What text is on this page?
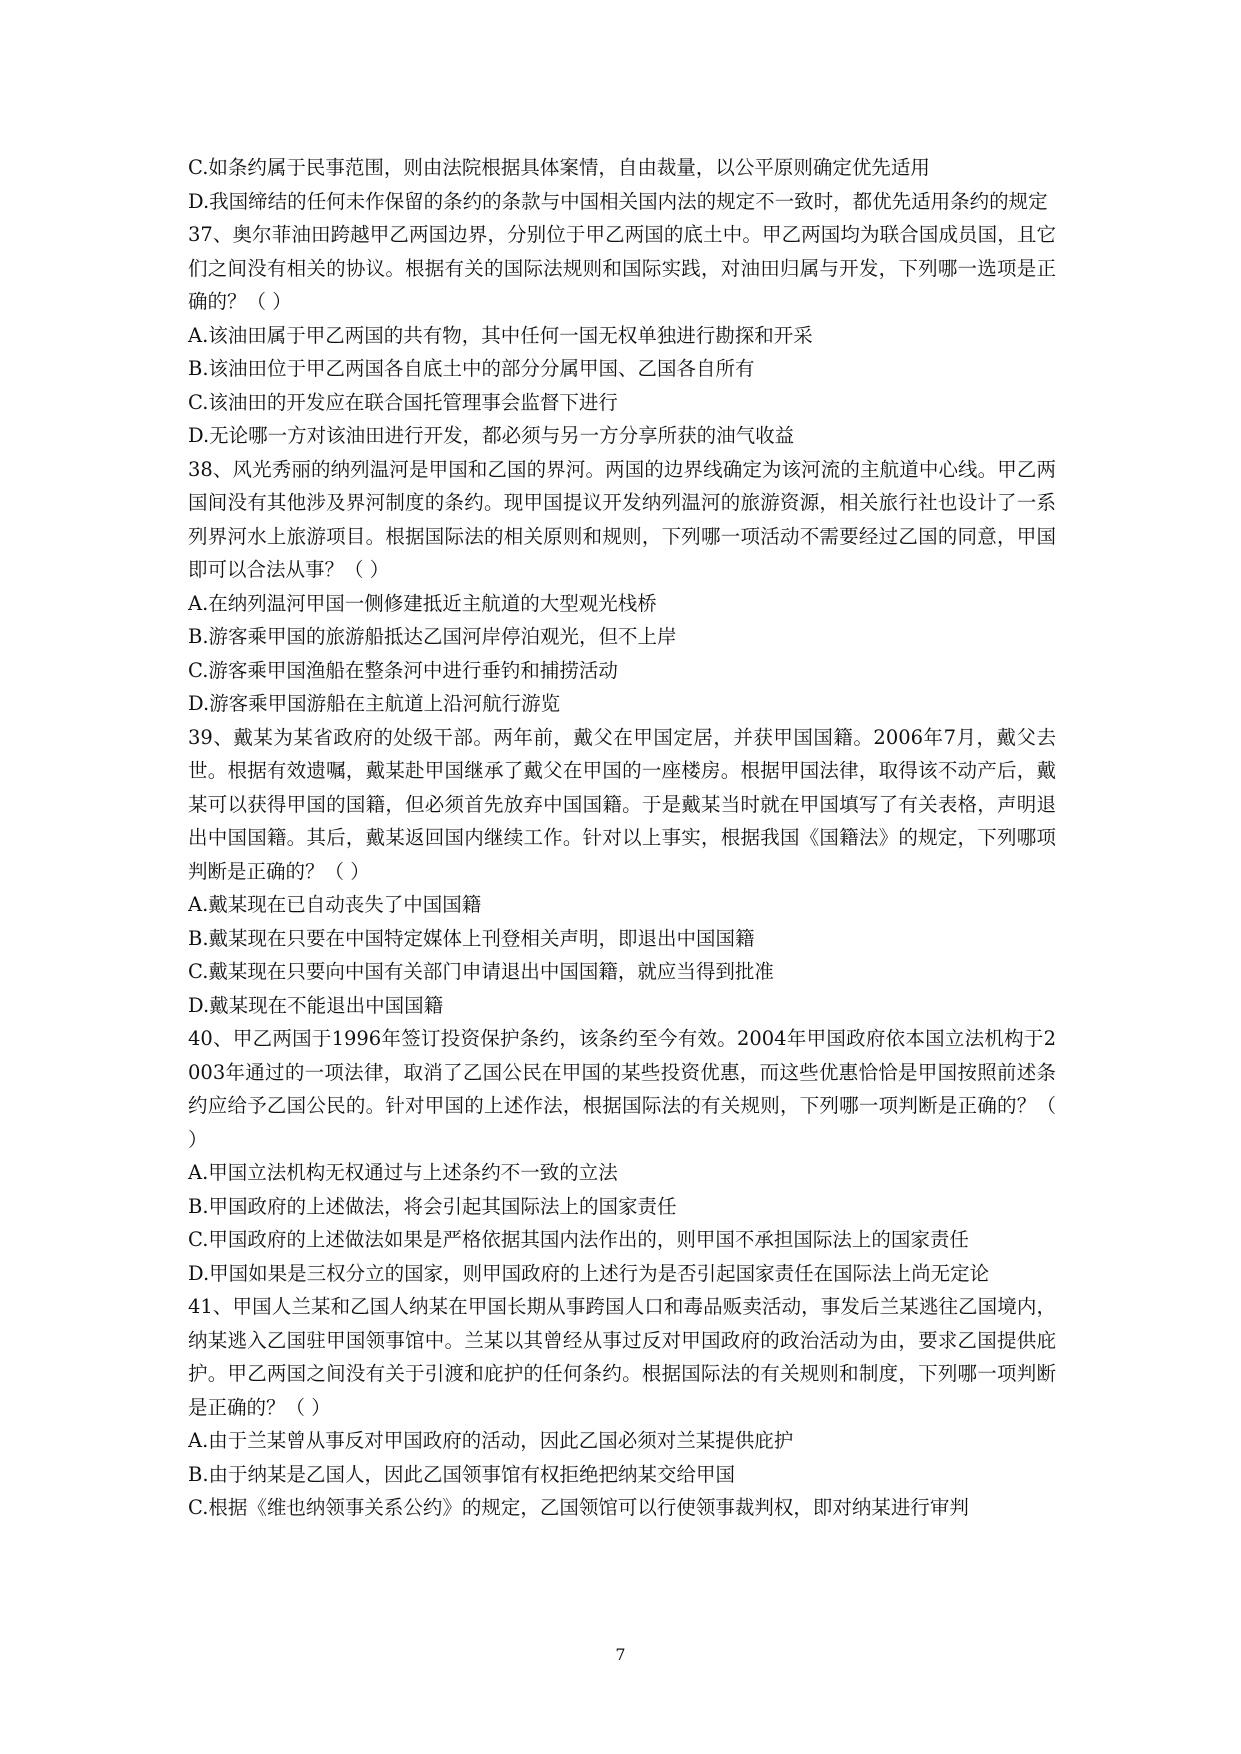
C.如条约属于民事范围，则由法院根据具体案情，自由裁量，以公平原则确定优先适用

D.我国缔结的任何未作保留的条约的条款与中国相关国内法的规定不一致时，都优先适用条约的规定

37、奥尔菲油田跨越甲乙两国边界，分别位于甲乙两国的底土中。甲乙两国均为联合国成员国，且它们之间没有相关的协议。根据有关的国际法规则和国际实践，对油田归属与开发，下列哪一选项是正确的？（ ）

A.该油田属于甲乙两国的共有物，其中任何一国无权单独进行勘探和开采

B.该油田位于甲乙两国各自底土中的部分分属甲国、乙国各自所有

C.该油田的开发应在联合国托管理事会监督下进行

D.无论哪一方对该油田进行开发，都必须与另一方分享所获的油气收益

38、风光秀丽的纳列温河是甲国和乙国的界河。两国的边界线确定为该河流的主航道中心线。甲乙两国间没有其他涉及界河制度的条约。现甲国提议开发纳列温河的旅游资源，相关旅行社也设计了一系列界河水上旅游项目。根据国际法的相关原则和规则，下列哪一项活动不需要经过乙国的同意，甲国即可以合法从事？（ ）

A.在纳列温河甲国一侧修建抵近主航道的大型观光栈桥

B.游客乘甲国的旅游船抵达乙国河岸停泊观光，但不上岸

C.游客乘甲国渔船在整条河中进行垂钓和捕捞活动

D.游客乘甲国游船在主航道上沿河航行游览

39、戴某为某省政府的处级干部。两年前，戴父在甲国定居，并获甲国国籍。2006年7月，戴父去世。根据有效遗嘱，戴某赴甲国继承了戴父在甲国的一座楼房。根据甲国法律，取得该不动产后，戴某可以获得甲国的国籍，但必须首先放弃中国国籍。于是戴某当时就在甲国填写了有关表格，声明退出中国国籍。其后，戴某返回国内继续工作。针对以上事实，根据我国《国籍法》的规定，下列哪项判断是正确的？（ ）

A.戴某现在已自动丧失了中国国籍

B.戴某现在只要在中国特定媒体上刊登相关声明，即退出中国国籍

C.戴某现在只要向中国有关部门申请退出中国国籍，就应当得到批准

D.戴某现在不能退出中国国籍

40、甲乙两国于1996年签订投资保护条约，该条约至今有效。2004年甲国政府依本国立法机构于2003年通过的一项法律，取消了乙国公民在甲国的某些投资优惠，而这些优惠恰恰是甲国按照前述条约应给予乙国公民的。针对甲国的上述作法，根据国际法的有关规则，下列哪一项判断是正确的？（ ）

A.甲国立法机构无权通过与上述条约不一致的立法

B.甲国政府的上述做法，将会引起其国际法上的国家责任

C.甲国政府的上述做法如果是严格依据其国内法作出的，则甲国不承担国际法上的国家责任

D.甲国如果是三权分立的国家，则甲国政府的上述行为是否引起国家责任在国际法上尚无定论

41、甲国人兰某和乙国人纳某在甲国长期从事跨国人口和毒品贩卖活动，事发后兰某逃往乙国境内，纳某逃入乙国驻甲国领事馆中。兰某以其曾经从事过反对甲国政府的政治活动为由，要求乙国提供庇护。甲乙两国之间没有关于引渡和庇护的任何条约。根据国际法的有关规则和制度，下列哪一项判断是正确的？（ ）

A.由于兰某曾从事反对甲国政府的活动，因此乙国必须对兰某提供庇护

B.由于纳某是乙国人，因此乙国领事馆有权拒绝把纳某交给甲国

C.根据《维也纳领事关系公约》的规定，乙国领馆可以行使领事裁判权，即对纳某进行审判

7
